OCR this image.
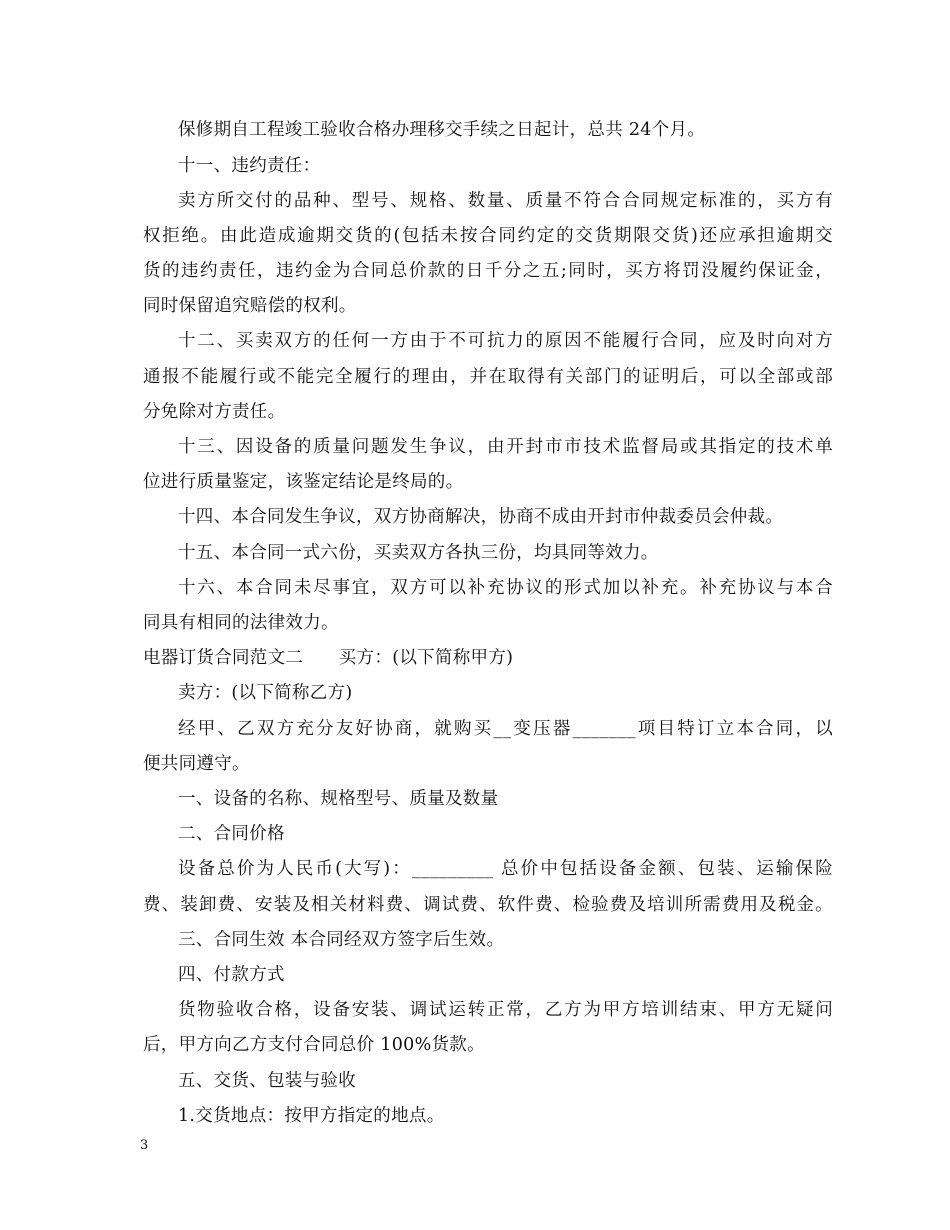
保修期自工程竣工验收合格办理移交手续之日起计，总共 24个月。
十一、违约责任：
卖方所交付的品种、型号、规格、数量、质量不符合合同规定标准的，买方有
权拒绝。由此造成逾期交货的(包括未按合同约定的交货期限交货)还应承担逾期交
货的违约责任，违约金为合同总价款的日千分之五;同时，买方将罚没履约保证金，
同时保留追究赔偿的权利。
十二、买卖双方的任何一方由于不可抗力的原因不能履行合同，应及时向对方
通报不能履行或不能完全履行的理由，并在取得有关部门的证明后，可以全部或部
分免除对方责任。
十三、因设备的质量问题发生争议，由开封市市技术监督局或其指定的技术单
位进行质量鉴定，该鉴定结论是终局的。
十四、本合同发生争议，双方协商解决，协商不成由开封市仲裁委员会仲裁。
十五、本合同一式六份，买卖双方各执三份，均具同等效力。
十六、本合同未尽事宜，双方可以补充协议的形式加以补充。补充协议与本合
同具有相同的法律效力。
电器订货合同范文二　　买方：(以下简称甲方)
卖方：(以下简称乙方)
经甲、乙双方充分友好协商，就购买__变压器_______项目特订立本合同，以
便共同遵守。
一、设备的名称、规格型号、质量及数量
二、合同价格
设备总价为人民币(大写)：_________ 总价中包括设备金额、包装、运输保险
费、装卸费、安装及相关材料费、调试费、软件费、检验费及培训所需费用及税金。
三、合同生效 本合同经双方签字后生效。
四、付款方式
货物验收合格，设备安装、调试运转正常，乙方为甲方培训结束、甲方无疑问
后，甲方向乙方支付合同总价 100%货款。
五、交货、包装与验收
1.交货地点：按甲方指定的地点。
3
